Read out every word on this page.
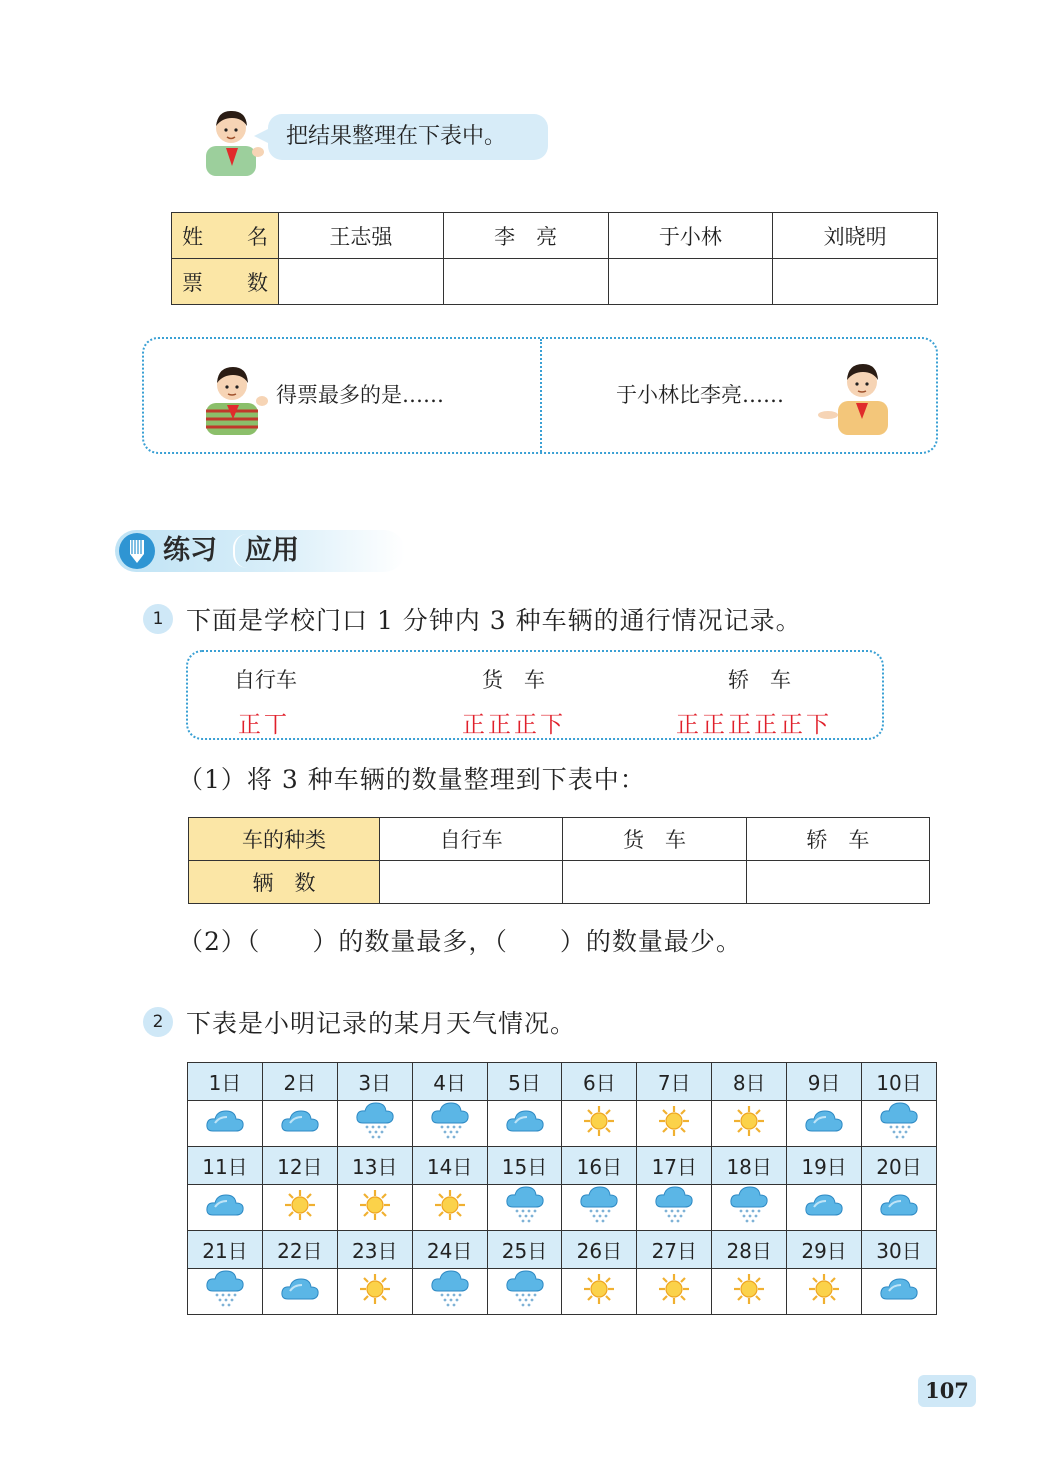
把结果整理在下表中。
姓　名	王志强	李　亮	于小林	刘晓明
票　数				
得票最多的是……	于小林比李亮……
练习 应用
1 下面是学校门口 1 分钟内 3 种车辆的通行情况记录。
自行车	货　车	轿　车
正丅	正正正下	正正正正正下
（1）将 3 种车辆的数量整理到下表中：
车的种类	自行车	货　车	轿　车
辆　数			
（2）（　　）的数量最多，（　　）的数量最少。
2 下表是小明记录的某月天气情况。
1日	2日	3日	4日	5日	6日	7日	8日	9日	10日

11日	12日	13日	14日	15日	16日	17日	18日	19日	20日

21日	22日	23日	24日	25日	26日	27日	28日	29日	30日

107
